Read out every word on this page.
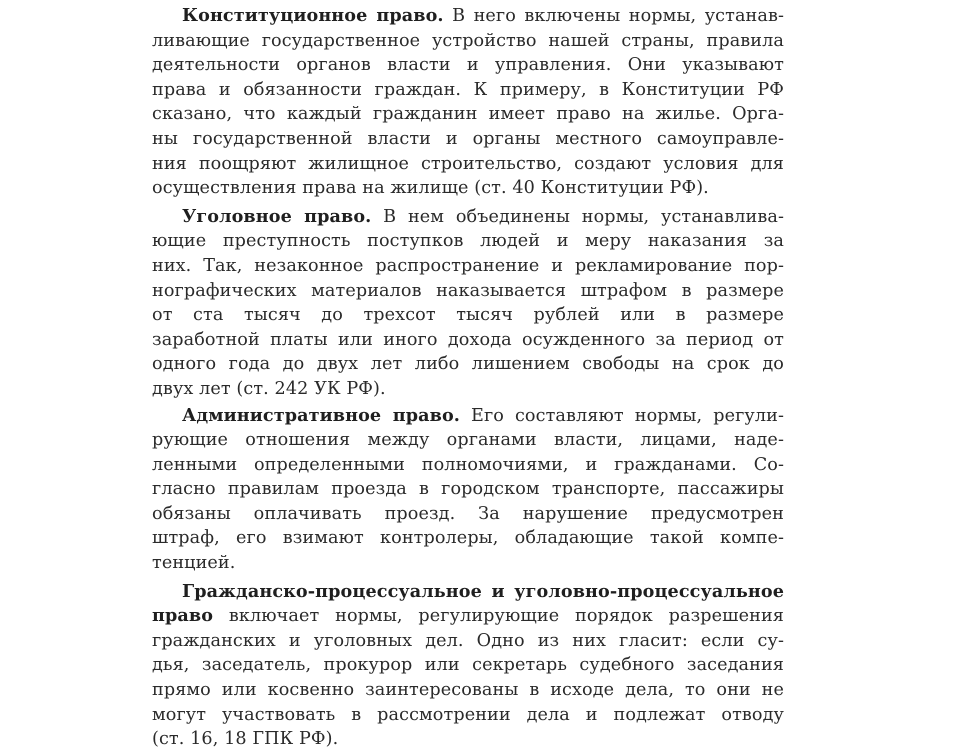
Конституционное право. В него включены нормы, устанав-
ливающие государственное устройство нашей страны, правила
деятельности органов власти и управления. Они указывают
права и обязанности граждан. К примеру, в Конституции РФ
сказано, что каждый гражданин имеет право на жилье. Орга-
ны государственной власти и органы местного самоуправле-
ния поощряют жилищное строительство, создают условия для
осуществления права на жилище (ст. 40 Конституции РФ).
Уголовное право. В нем объединены нормы, устанавлива-
ющие преступность поступков людей и меру наказания за
них. Так, незаконное распространение и рекламирование пор-
нографических материалов наказывается штрафом в размере
от ста тысяч до трехсот тысяч рублей или в размере
заработной платы или иного дохода осужденного за период от
одного года до двух лет либо лишением свободы на срок до
двух лет (ст. 242 УК РФ).
Административное право. Его составляют нормы, регули-
рующие отношения между органами власти, лицами, наде-
ленными определенными полномочиями, и гражданами. Со-
гласно правилам проезда в городском транспорте, пассажиры
обязаны оплачивать проезд. За нарушение предусмотрен
штраф, его взимают контролеры, обладающие такой компе-
тенцией.
Гражданско-процессуальное и уголовно-процессуальное
право включает нормы, регулирующие порядок разрешения
гражданских и уголовных дел. Одно из них гласит: если су-
дья, заседатель, прокурор или секретарь судебного заседания
прямо или косвенно заинтересованы в исходе дела, то они не
могут участвовать в рассмотрении дела и подлежат отводу
(ст. 16, 18 ГПК РФ).
